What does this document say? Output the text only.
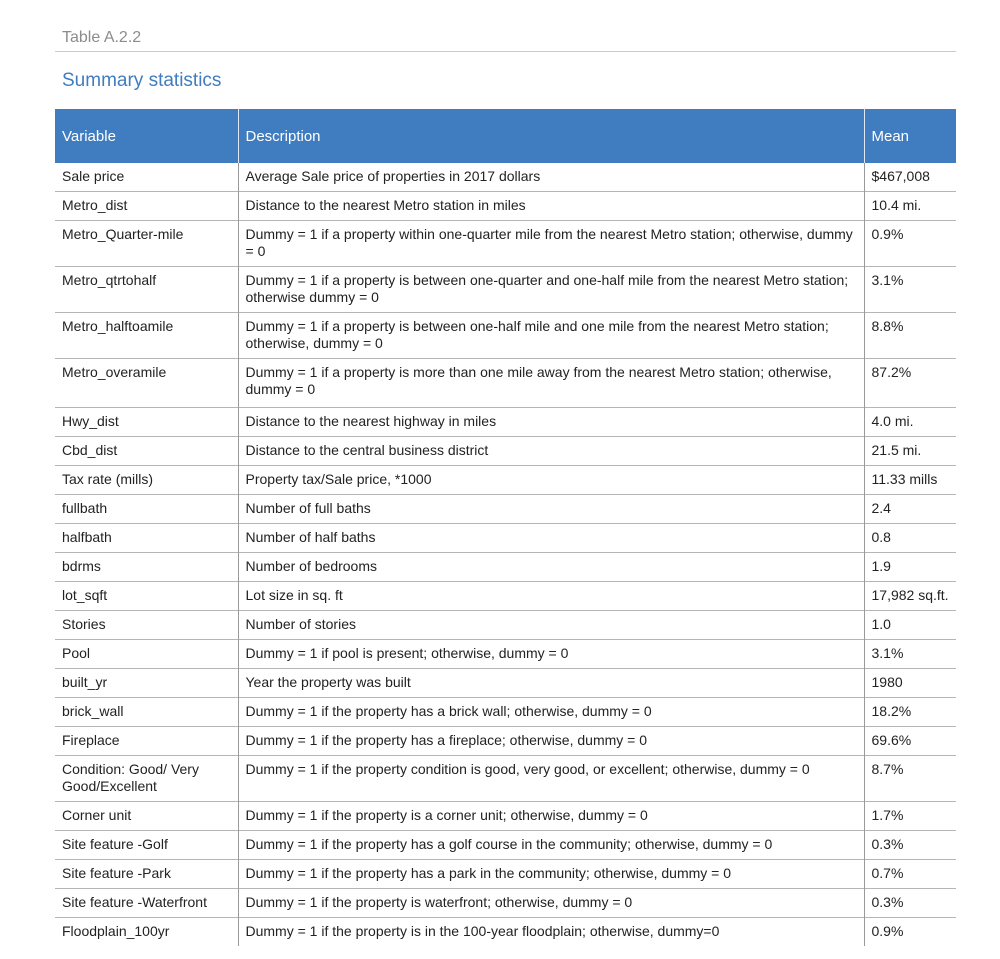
Table A.2.2
Summary statistics
Variable	Description	Mean
Sale price	Average Sale price of properties in 2017 dollars	$467,008
Metro_dist	Distance to the nearest Metro station in miles	10.4 mi.
Metro_Quarter-mile	Dummy = 1 if a property within one-quarter mile from the nearest Metro station; otherwise, dummy = 0	0.9%
Metro_qtrtohalf	Dummy = 1 if a property is between one-quarter and one-half mile from the nearest Metro station; otherwise dummy = 0	3.1%
Metro_halftoamile	Dummy = 1 if a property is between one-half mile and one mile from the nearest Metro station; otherwise, dummy = 0	8.8%
Metro_overamile	Dummy = 1 if a property is more than one mile away from the nearest Metro station; otherwise, dummy = 0	87.2%
Hwy_dist	Distance to the nearest highway in miles	4.0 mi.
Cbd_dist	Distance to the central business district	21.5 mi.
Tax rate (mills)	Property tax/Sale price, *1000	11.33 mills
fullbath	Number of full baths	2.4
halfbath	Number of half baths	0.8
bdrms	Number of bedrooms	1.9
lot_sqft	Lot size in sq. ft	17,982 sq.ft.
Stories	Number of stories	1.0
Pool	Dummy = 1 if pool is present; otherwise, dummy = 0	3.1%
built_yr	Year the property was built	1980
brick_wall	Dummy = 1 if the property has a brick wall; otherwise, dummy = 0	18.2%
Fireplace	Dummy = 1 if the property has a fireplace; otherwise, dummy = 0	69.6%
Condition: Good/ Very Good/Excellent	Dummy = 1 if the property condition is good, very good, or excellent; otherwise, dummy = 0	8.7%
Corner unit	Dummy = 1 if the property is a corner unit; otherwise, dummy = 0	1.7%
Site feature -Golf	Dummy = 1 if the property has a golf course in the community; otherwise, dummy = 0	0.3%
Site feature -Park	Dummy = 1 if the property has a park in the community; otherwise, dummy = 0	0.7%
Site feature -Waterfront	Dummy = 1 if the property is waterfront; otherwise, dummy = 0	0.3%
Floodplain_100yr	Dummy = 1 if the property is in the 100-year floodplain; otherwise, dummy=0	0.9%
